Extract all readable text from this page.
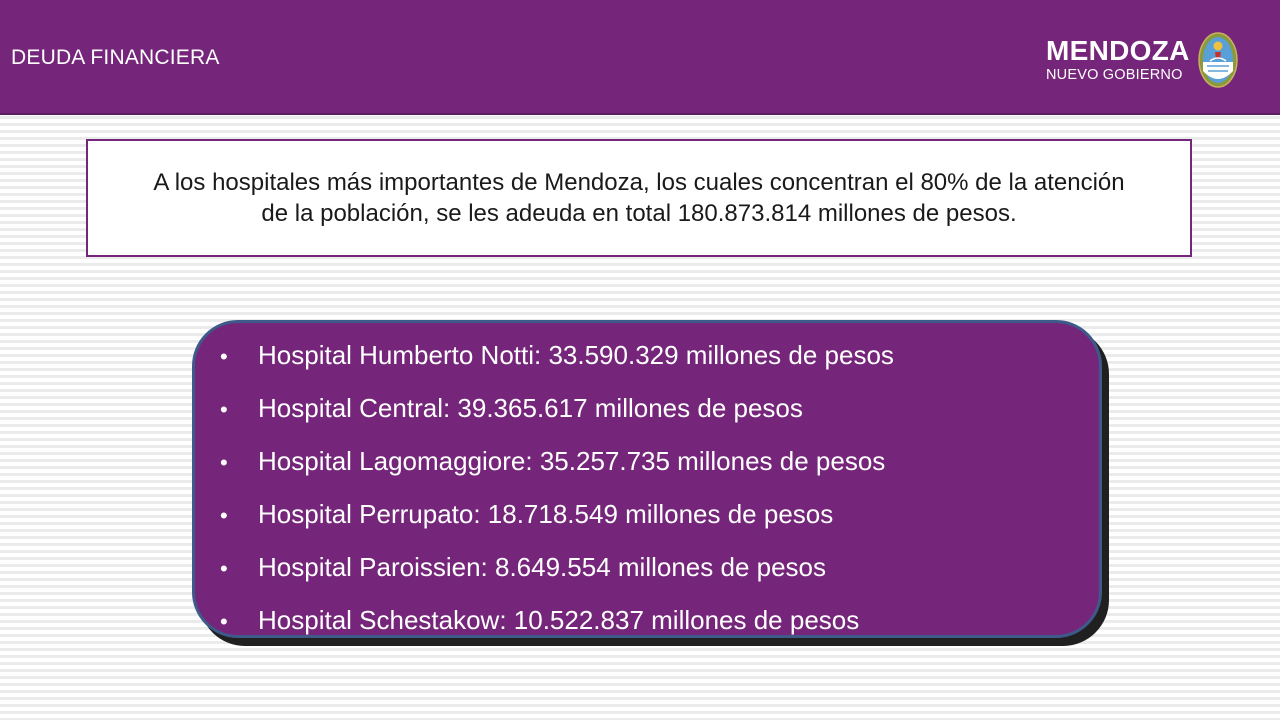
DEUDA FINANCIERA	MENDOZA
NUEVO GOBIERNO
A los hospitales más importantes de Mendoza, los cuales concentran el 80% de la atención
de la población, se les adeuda en total 180.873.814 millones de pesos.
• Hospital Humberto Notti: 33.590.329 millones de pesos
• Hospital Central: 39.365.617 millones de pesos
• Hospital Lagomaggiore: 35.257.735 millones de pesos
• Hospital Perrupato: 18.718.549 millones de pesos
• Hospital Paroissien: 8.649.554 millones de pesos
• Hospital Schestakow: 10.522.837 millones de pesos
